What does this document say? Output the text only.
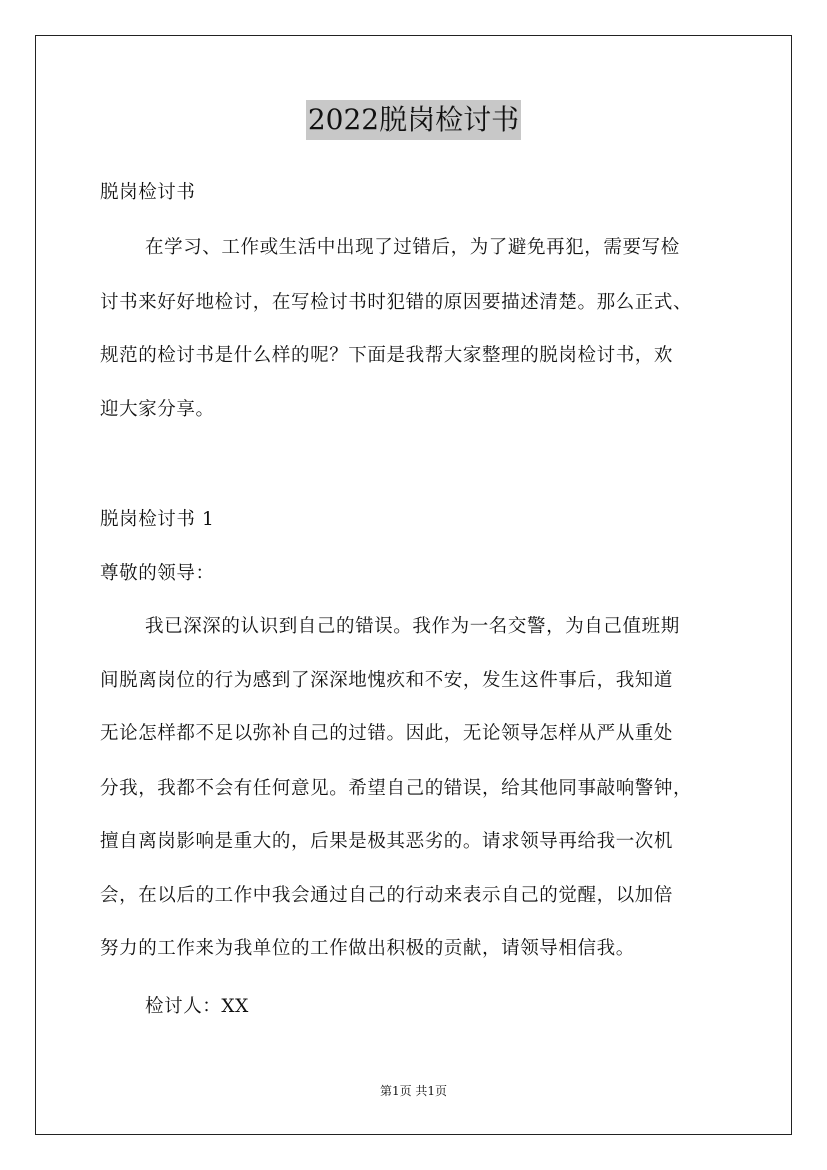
2022脱岗检讨书
脱岗检讨书
在学习、工作或生活中出现了过错后，为了避免再犯，需要写检
讨书来好好地检讨，在写检讨书时犯错的原因要描述清楚。那么正式、
规范的检讨书是什么样的呢？下面是我帮大家整理的脱岗检讨书，欢
迎大家分享。
脱岗检讨书 1
尊敬的领导：
我已深深的认识到自己的错误。我作为一名交警，为自己值班期
间脱离岗位的行为感到了深深地愧疚和不安，发生这件事后，我知道
无论怎样都不足以弥补自己的过错。因此，无论领导怎样从严从重处
分我，我都不会有任何意见。希望自己的错误，给其他同事敲响警钟，
擅自离岗影响是重大的，后果是极其恶劣的。请求领导再给我一次机
会，在以后的工作中我会通过自己的行动来表示自己的觉醒，以加倍
努力的工作来为我单位的工作做出积极的贡献，请领导相信我。
检讨人：XX
第1页 共1页
